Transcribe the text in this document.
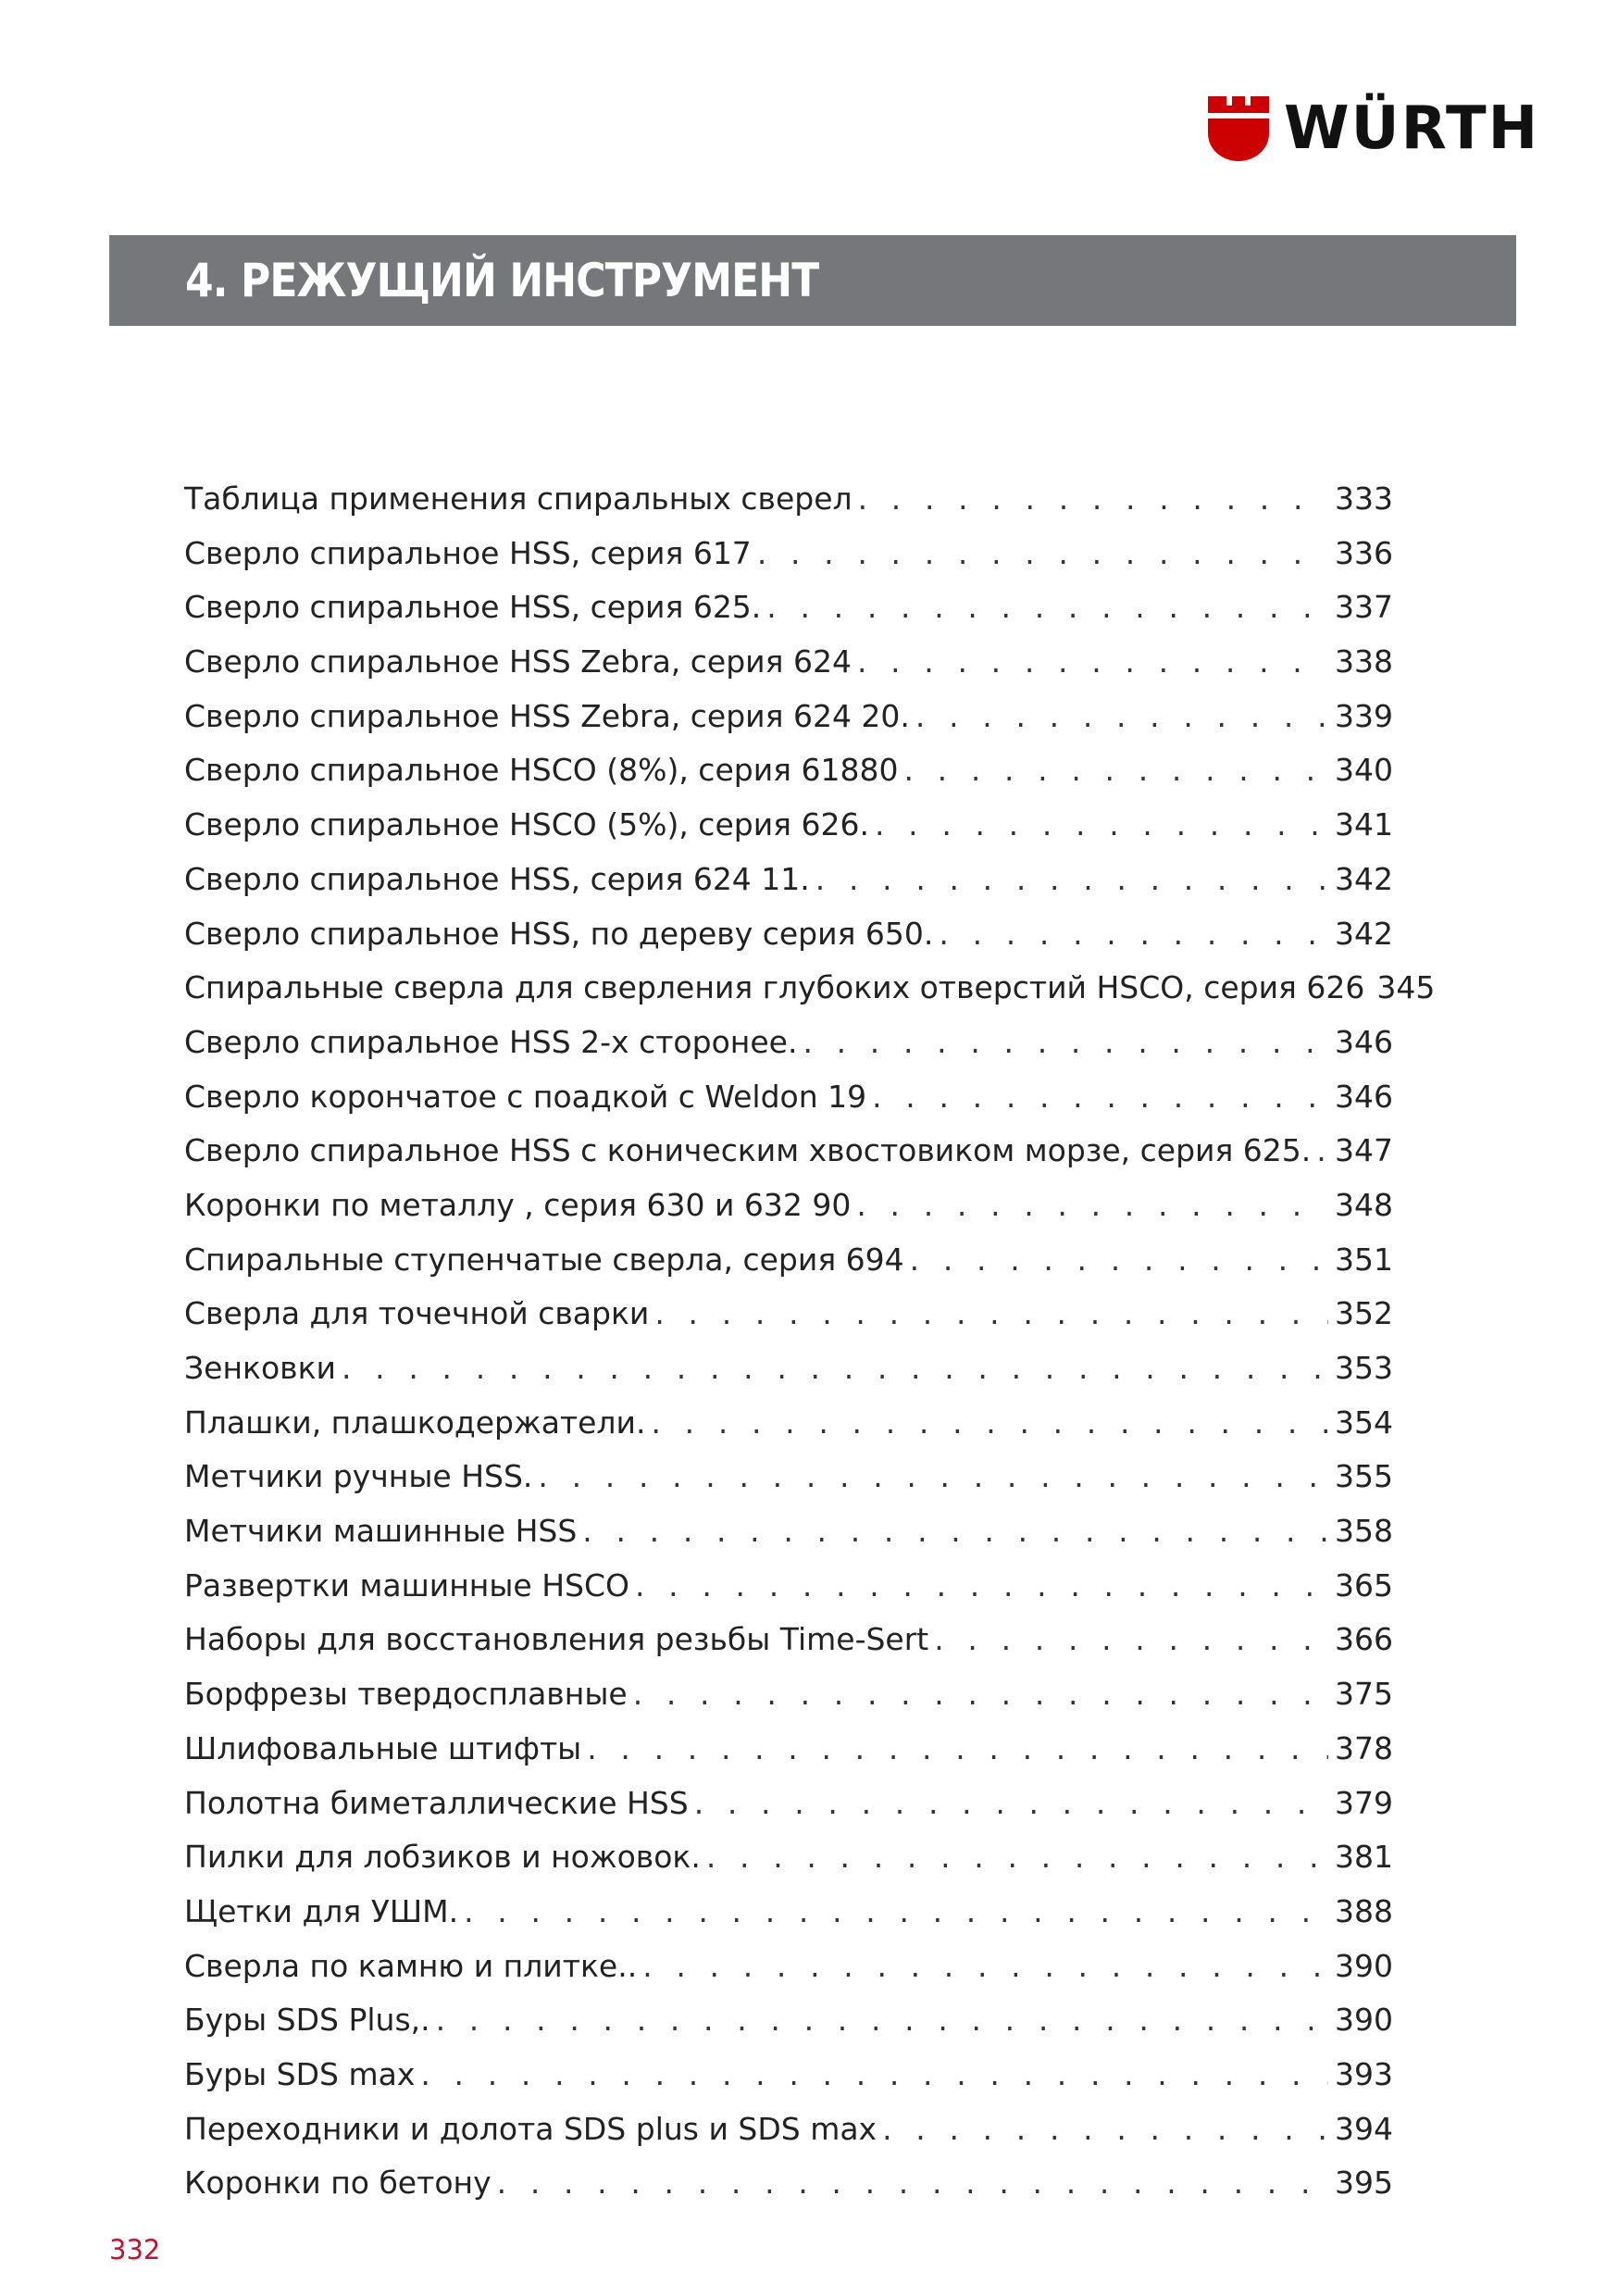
WÜRTH
4. РЕЖУЩИЙ ИНСТРУМЕНТ
Таблица применения спиральных сверел . . .	333
Сверло спиральное HSS, серия 617 . . .	336
Сверло спиральное HSS, серия 625. . . .	337
Сверло спиральное HSS Zebra, серия 624 . . .	338
Сверло спиральное HSS Zebra, серия 624 20. . . .	339
Сверло спиральное HSCO (8%), серия 61880 . . .	340
Сверло спиральное HSCO (5%), серия 626. . . .	341
Сверло спиральное HSS, серия 624 11. . . .	342
Сверло спиральное HSS, по дереву серия 650. . . .	342
Спиральные сверла для сверления глубоких отверстий HSCO, серия 626 345
Сверло спиральное HSS 2-х сторонее. . . .	346
Сверло корончатое с поадкой с Weldon 19 . . .	346
Сверло спиральное HSS с коническим хвостовиком морзе, серия 625. . . . 347
Коронки по металлу , серия 630 и 632 90 . . .	348
Спиральные ступенчатые сверла, серия 694 . . .	351
Сверла для точечной сварки . . .	352
Зенковки . . .	353
Плашки, плашкодержатели. . . .	354
Метчики ручные HSS. . . .	355
Метчики машинные HSS . . .	358
Развертки машинные HSCO . . .	365
Наборы для восстановления резьбы Time-Sert . . .	366
Борфрезы твердосплавные . . .	375
Шлифовальные штифты . . .	378
Полотна биметаллические HSS . . .	379
Пилки для лобзиков и ножовок. . . .	381
Щетки для УШМ. . . .	388
Сверла по камню и плитке.. . . .	390
Буры SDS Plus,. . . .	390
Буры SDS max . . .	393
Переходники и долота SDS plus и SDS max . . .	394
Коронки по бетону . . .	395
332
